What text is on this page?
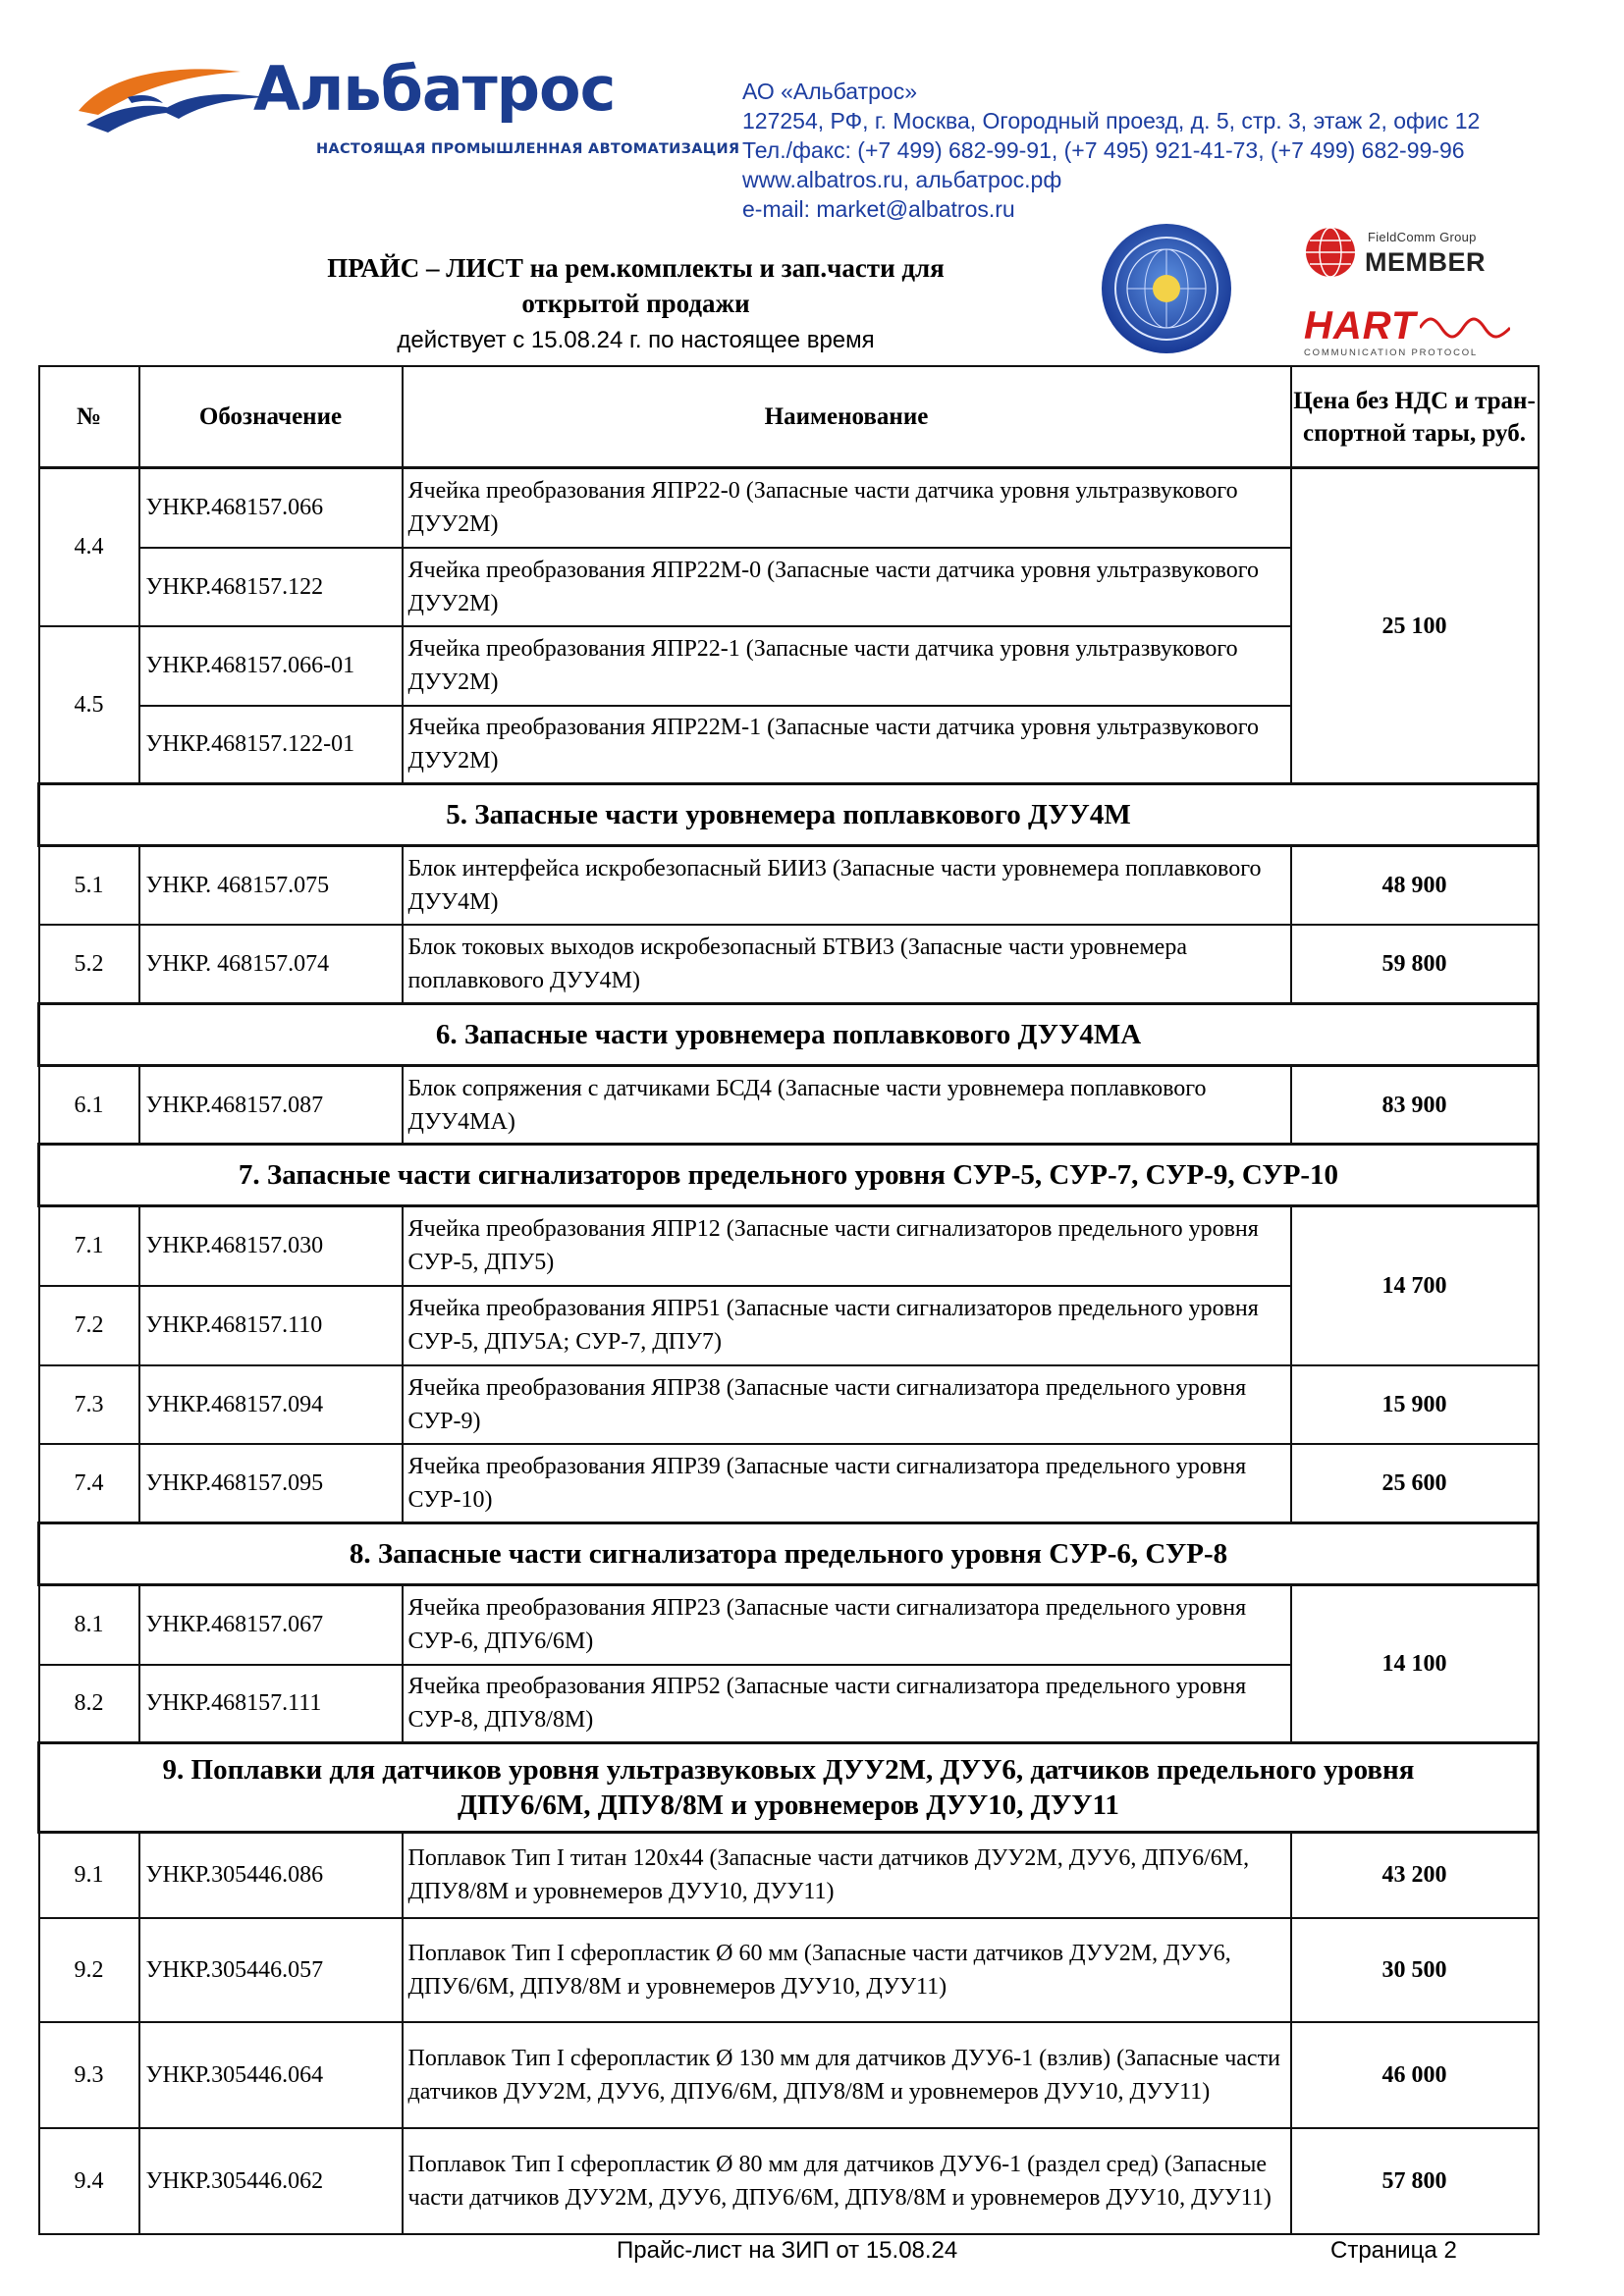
Альбатрос
НАСТОЯЩАЯ ПРОМЫШЛЕННАЯ АВТОМАТИЗАЦИЯ
АО «Альбатрос»
127254, РФ, г. Москва, Огородный проезд, д. 5, стр. 3, этаж 2, офис 12
Тел./факс: (+7 499) 682-99-91, (+7 495) 921-41-73, (+7 499) 682-99-96
www.albatros.ru, альбатрос.рф
e-mail: market@albatros.ru
ПРАЙС – ЛИСТ на рем.комплекты и зап.части для
открытой продажи
действует с 15.08.24 г. по настоящее время
FieldComm Group
MEMBER
HART
COMMUNICATION PROTOCOL
№	Обозначение	Наименование	Цена без НДС и тран-спортной тары, руб.
4.4	УНКР.468157.066	Ячейка преобразования ЯПР22-0 (Запасные части датчика уровня ультразвукового ДУУ2М)	25 100
	УНКР.468157.122	Ячейка преобразования ЯПР22М-0 (Запасные части датчика уровня ультразвукового ДУУ2М)	
4.5	УНКР.468157.066-01	Ячейка преобразования ЯПР22-1 (Запасные части датчика уровня ультразвукового ДУУ2М)	
	УНКР.468157.122-01	Ячейка преобразования ЯПР22М-1 (Запасные части датчика уровня ультразвукового ДУУ2М)	
5. Запасные части уровнемера поплавкового ДУУ4М			
5.1	УНКР. 468157.075	Блок интерфейса искробезопасный БИИ3 (Запасные части уровнемера поплавкового ДУУ4М)	48 900
5.2	УНКР. 468157.074	Блок токовых выходов искробезопасный БТВИ3 (Запасные части уровнемера поплавкового ДУУ4М)	59 800
6. Запасные части уровнемера поплавкового ДУУ4МА			
6.1	УНКР.468157.087	Блок сопряжения с датчиками БСД4 (Запасные части уровнемера поплавкового ДУУ4МА)	83 900
7. Запасные части сигнализаторов предельного уровня СУР-5, СУР-7, СУР-9, СУР-10			
7.1	УНКР.468157.030	Ячейка преобразования ЯПР12 (Запасные части сигнализаторов предельного уровня СУР-5, ДПУ5)	14 700
7.2	УНКР.468157.110	Ячейка преобразования ЯПР51 (Запасные части сигнализаторов предельного уровня СУР-5, ДПУ5А; СУР-7, ДПУ7)	
7.3	УНКР.468157.094	Ячейка преобразования ЯПР38 (Запасные части сигнализатора предельного уровня СУР-9)	15 900
7.4	УНКР.468157.095	Ячейка преобразования ЯПР39 (Запасные части сигнализатора предельного уровня СУР-10)	25 600
8. Запасные части сигнализатора предельного уровня СУР-6, СУР-8			
8.1	УНКР.468157.067	Ячейка преобразования ЯПР23 (Запасные части сигнализатора предельного уровня СУР-6, ДПУ6/6М)	14 100
8.2	УНКР.468157.111	Ячейка преобразования ЯПР52 (Запасные части сигнализатора предельного уровня СУР-8, ДПУ8/8М)	

9. Поплавки для датчиков уровня ультразвуковых ДУУ2М, ДУУ6, датчиков предельного уровня
ДПУ6/6М, ДПУ8/8М и уровнемеров ДУУ10, ДУУ11			

9.1	УНКР.305446.086	Поплавок Тип I титан 120х44 (Запасные части датчиков ДУУ2М, ДУУ6, ДПУ6/6М, ДПУ8/8М и уровнемеров ДУУ10, ДУУ11)	43 200
9.2	УНКР.305446.057	Поплавок Тип I сферопластик Ø 60 мм (Запасные части датчиков ДУУ2М, ДУУ6, ДПУ6/6М, ДПУ8/8М и уровнемеров ДУУ10, ДУУ11)	30 500
9.3	УНКР.305446.064	Поплавок Тип I сферопластик Ø 130 мм для датчиков ДУУ6-1 (взлив) (Запасные части датчиков ДУУ2М, ДУУ6, ДПУ6/6М, ДПУ8/8М и уровнемеров ДУУ10, ДУУ11)	46 000
9.4	УНКР.305446.062	Поплавок Тип I сферопластик Ø 80 мм для датчиков ДУУ6-1 (раздел сред) (Запасные части датчиков ДУУ2М, ДУУ6, ДПУ6/6М, ДПУ8/8М и уровнемеров ДУУ10, ДУУ11)	57 800
Прайс-лист на ЗИП от 15.08.24	Страница 2
